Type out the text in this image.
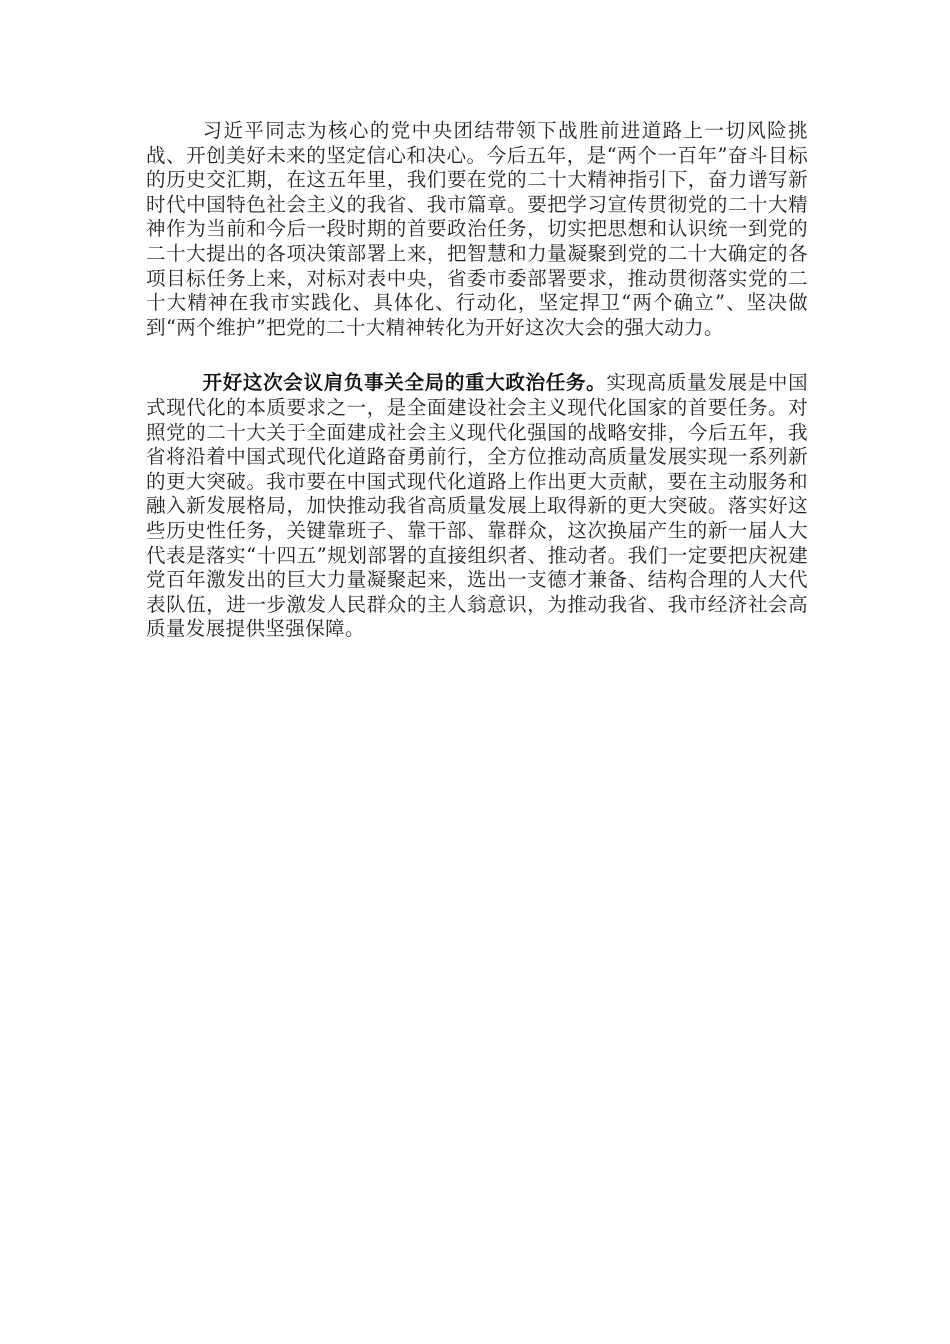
习近平同志为核心的党中央团结带领下战胜前进道路上一切风险挑战、开创美好未来的坚定信心和决心。今后五年，是“两个一百年”奋斗目标的历史交汇期，在这五年里，我们要在党的二十大精神指引下，奋力谱写新时代中国特色社会主义的我省、我市篇章。要把学习宣传贯彻党的二十大精神作为当前和今后一段时期的首要政治任务，切实把思想和认识统一到党的二十大提出的各项决策部署上来，把智慧和力量凝聚到党的二十大确定的各项目标任务上来，对标对表中央，省委市委部署要求，推动贯彻落实党的二十大精神在我市实践化、具体化、行动化，坚定捍卫“两个确立”、坚决做到“两个维护”把党的二十大精神转化为开好这次大会的强大动力。

开好这次会议肩负事关全局的重大政治任务。实现高质量发展是中国式现代化的本质要求之一，是全面建设社会主义现代化国家的首要任务。对照党的二十大关于全面建成社会主义现代化强国的战略安排，今后五年，我省将沿着中国式现代化道路奋勇前行，全方位推动高质量发展实现一系列新的更大突破。我市要在中国式现代化道路上作出更大贡献，要在主动服务和融入新发展格局，加快推动我省高质量发展上取得新的更大突破。落实好这些历史性任务，关键靠班子、靠干部、靠群众，这次换届产生的新一届人大代表是落实“十四五”规划部署的直接组织者、推动者。我们一定要把庆祝建党百年激发出的巨大力量凝聚起来，选出一支德才兼备、结构合理的人大代表队伍，进一步激发人民群众的主人翁意识，为推动我省、我市经济社会高质量发展提供坚强保障。
